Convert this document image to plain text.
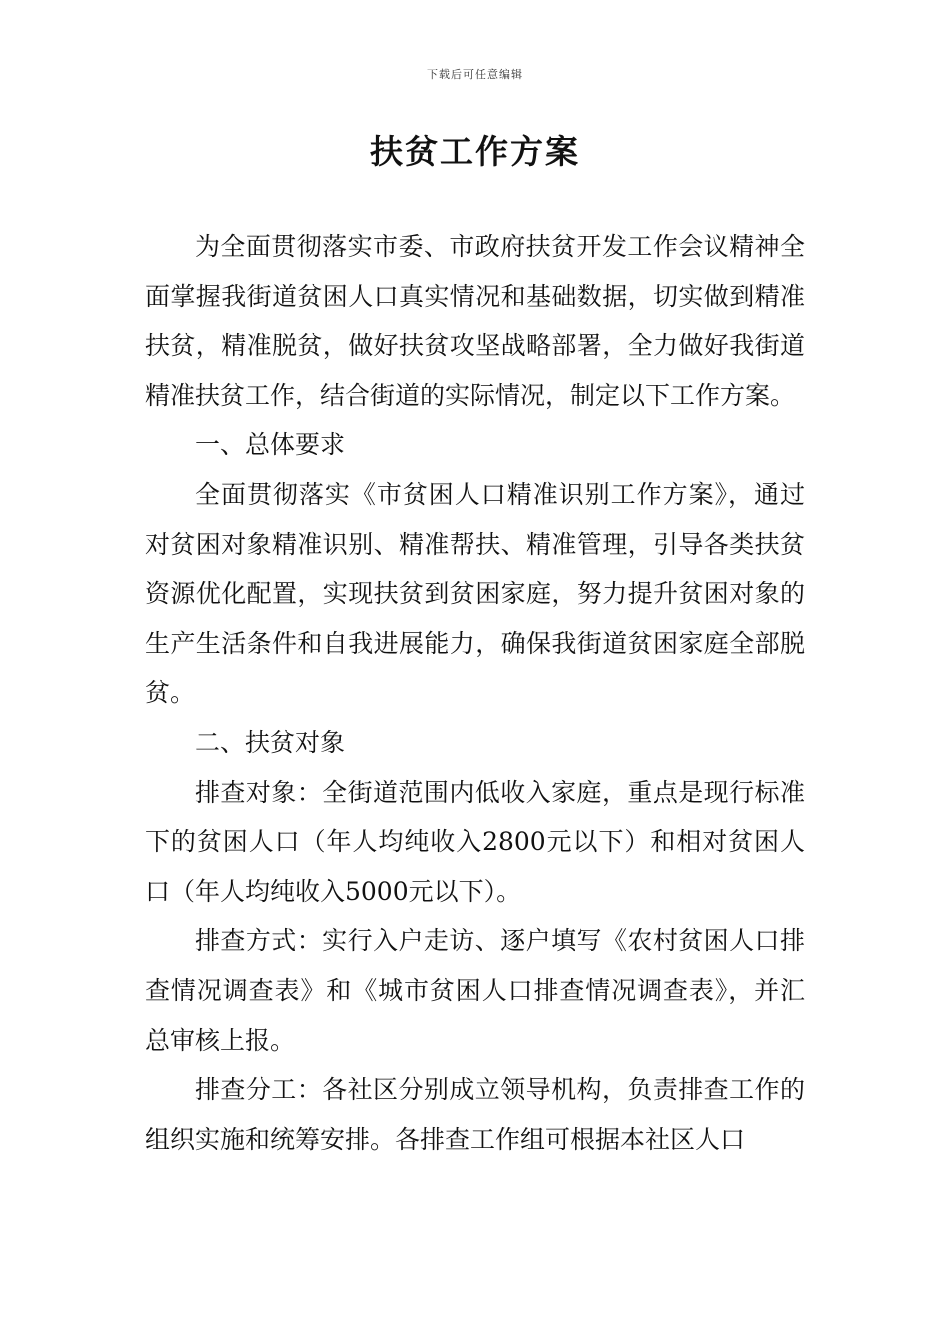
下载后可任意编辑
扶贫工作方案

为全面贯彻落实市委、市政府扶贫开发工作会议精神全面掌握我街道贫困人口真实情况和基础数据，切实做到精准扶贫，精准脱贫，做好扶贫攻坚战略部署，全力做好我街道精准扶贫工作，结合街道的实际情况，制定以下工作方案。

一、总体要求

全面贯彻落实《市贫困人口精准识别工作方案》，通过对贫困对象精准识别、精准帮扶、精准管理，引导各类扶贫资源优化配置，实现扶贫到贫困家庭，努力提升贫困对象的生产生活条件和自我进展能力，确保我街道贫困家庭全部脱贫。

二、扶贫对象

排查对象：全街道范围内低收入家庭，重点是现行标准下的贫困人口（年人均纯收入2800元以下）和相对贫困人口（年人均纯收入5000元以下）。

排查方式：实行入户走访、逐户填写《农村贫困人口排查情况调查表》和《城市贫困人口排查情况调查表》，并汇总审核上报。

排查分工：各社区分别成立领导机构，负责排查工作的组织实施和统筹安排。各排查工作组可根据本社区人口
